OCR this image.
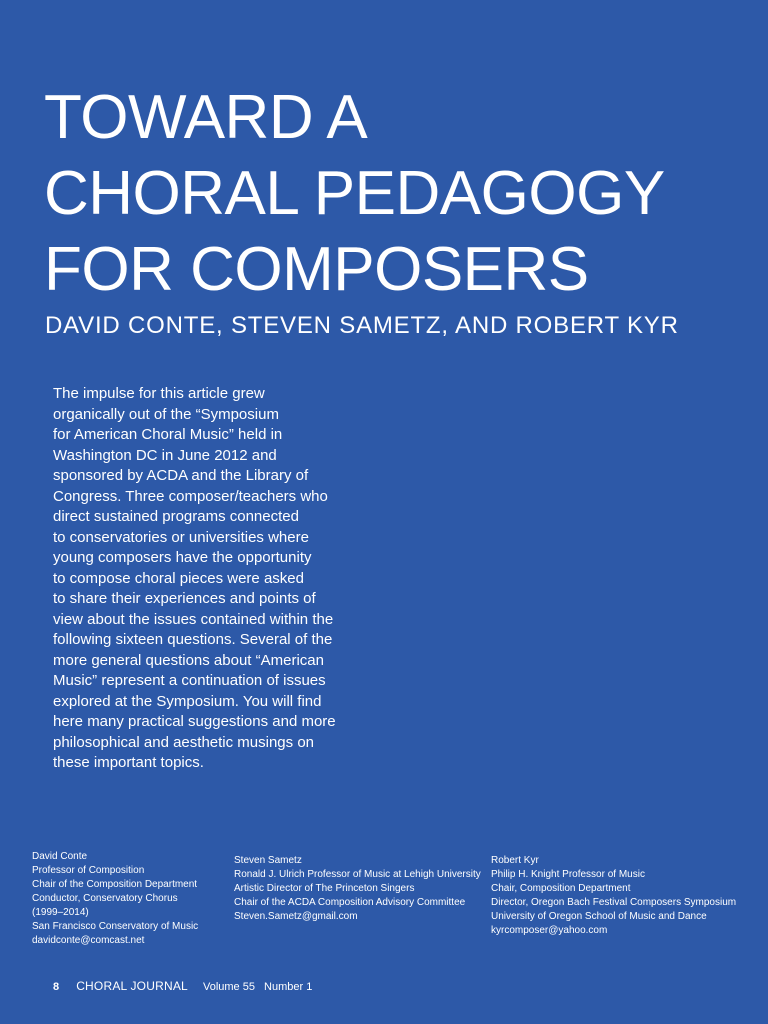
TOWARD A
CHORAL PEDAGOGY
FOR COMPOSERS
DAVID CONTE, STEVEN SAMETZ, AND ROBERT KYR
The impulse for this article grew
organically out of the “Symposium
for American Choral Music” held in
Washington DC in June 2012 and
sponsored by ACDA and the Library of
Congress. Three composer/teachers who
direct sustained programs connected
to conservatories or universities where
young composers have the opportunity
to compose choral pieces were asked
to share their experiences and points of
view about the issues contained within the
following sixteen questions. Several of the
more general questions about “American
Music” represent a continuation of issues
explored at the Symposium. You will find
here many practical suggestions and more
philosophical and aesthetic musings on
these important topics.
David Conte
Professor of Composition
Chair of the Composition Department
Conductor, Conservatory Chorus
(1999–2014)
San Francisco Conservatory of Music
davidconte@comcast.net
Steven Sametz
Ronald J. Ulrich Professor of Music at Lehigh University
Artistic Director of The Princeton Singers
Chair of the ACDA Composition Advisory Committee
Steven.Sametz@gmail.com
Robert Kyr
Philip H. Knight Professor of Music
Chair, Composition Department
Director, Oregon Bach Festival Composers Symposium
University of Oregon School of Music and Dance
kyrcomposer@yahoo.com
8 CHORAL JOURNAL Volume 55 Number 1
